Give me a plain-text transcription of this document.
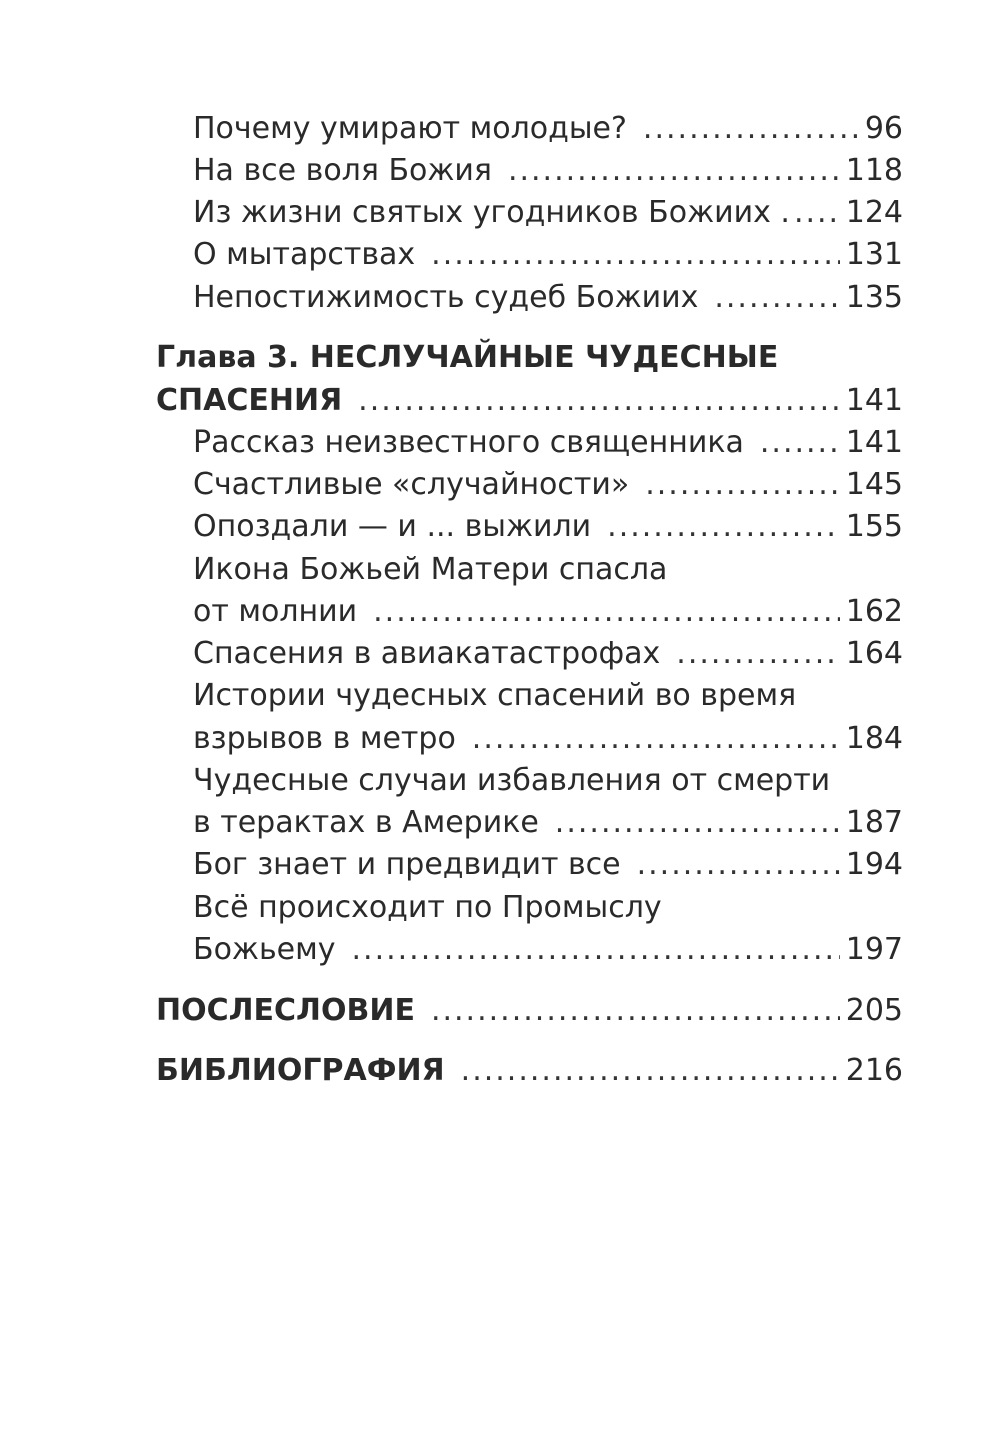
Почему умирают молодые? .....	96
На все воля Божия .....	118
Из жизни святых угодников Божиих . ..... 124
О мытарствах .....	131
Непостижимость судеб Божиих .....	135
Глава 3. НЕСЛУЧАЙНЫЕ ЧУДЕСНЫЕ
СПАСЕНИЯ .....	141
Рассказ неизвестного священника .....	141
Счастливые «случайности» .....	145
Опоздали — и ... выжили .....	155
Икона Божьей Матери спасла
от молнии .....	162
Спасения в авиакатастрофах .....	164
Истории чудесных спасений во время
взрывов в метро .....	184
Чудесные случаи избавления от смерти
в терактах в Америке .....	187
Бог знает и предвидит все .....	194
Всё происходит по Промыслу
Божьему .....	197
ПОСЛЕСЛОВИЕ .....	205
БИБЛИОГРАФИЯ .....	216
